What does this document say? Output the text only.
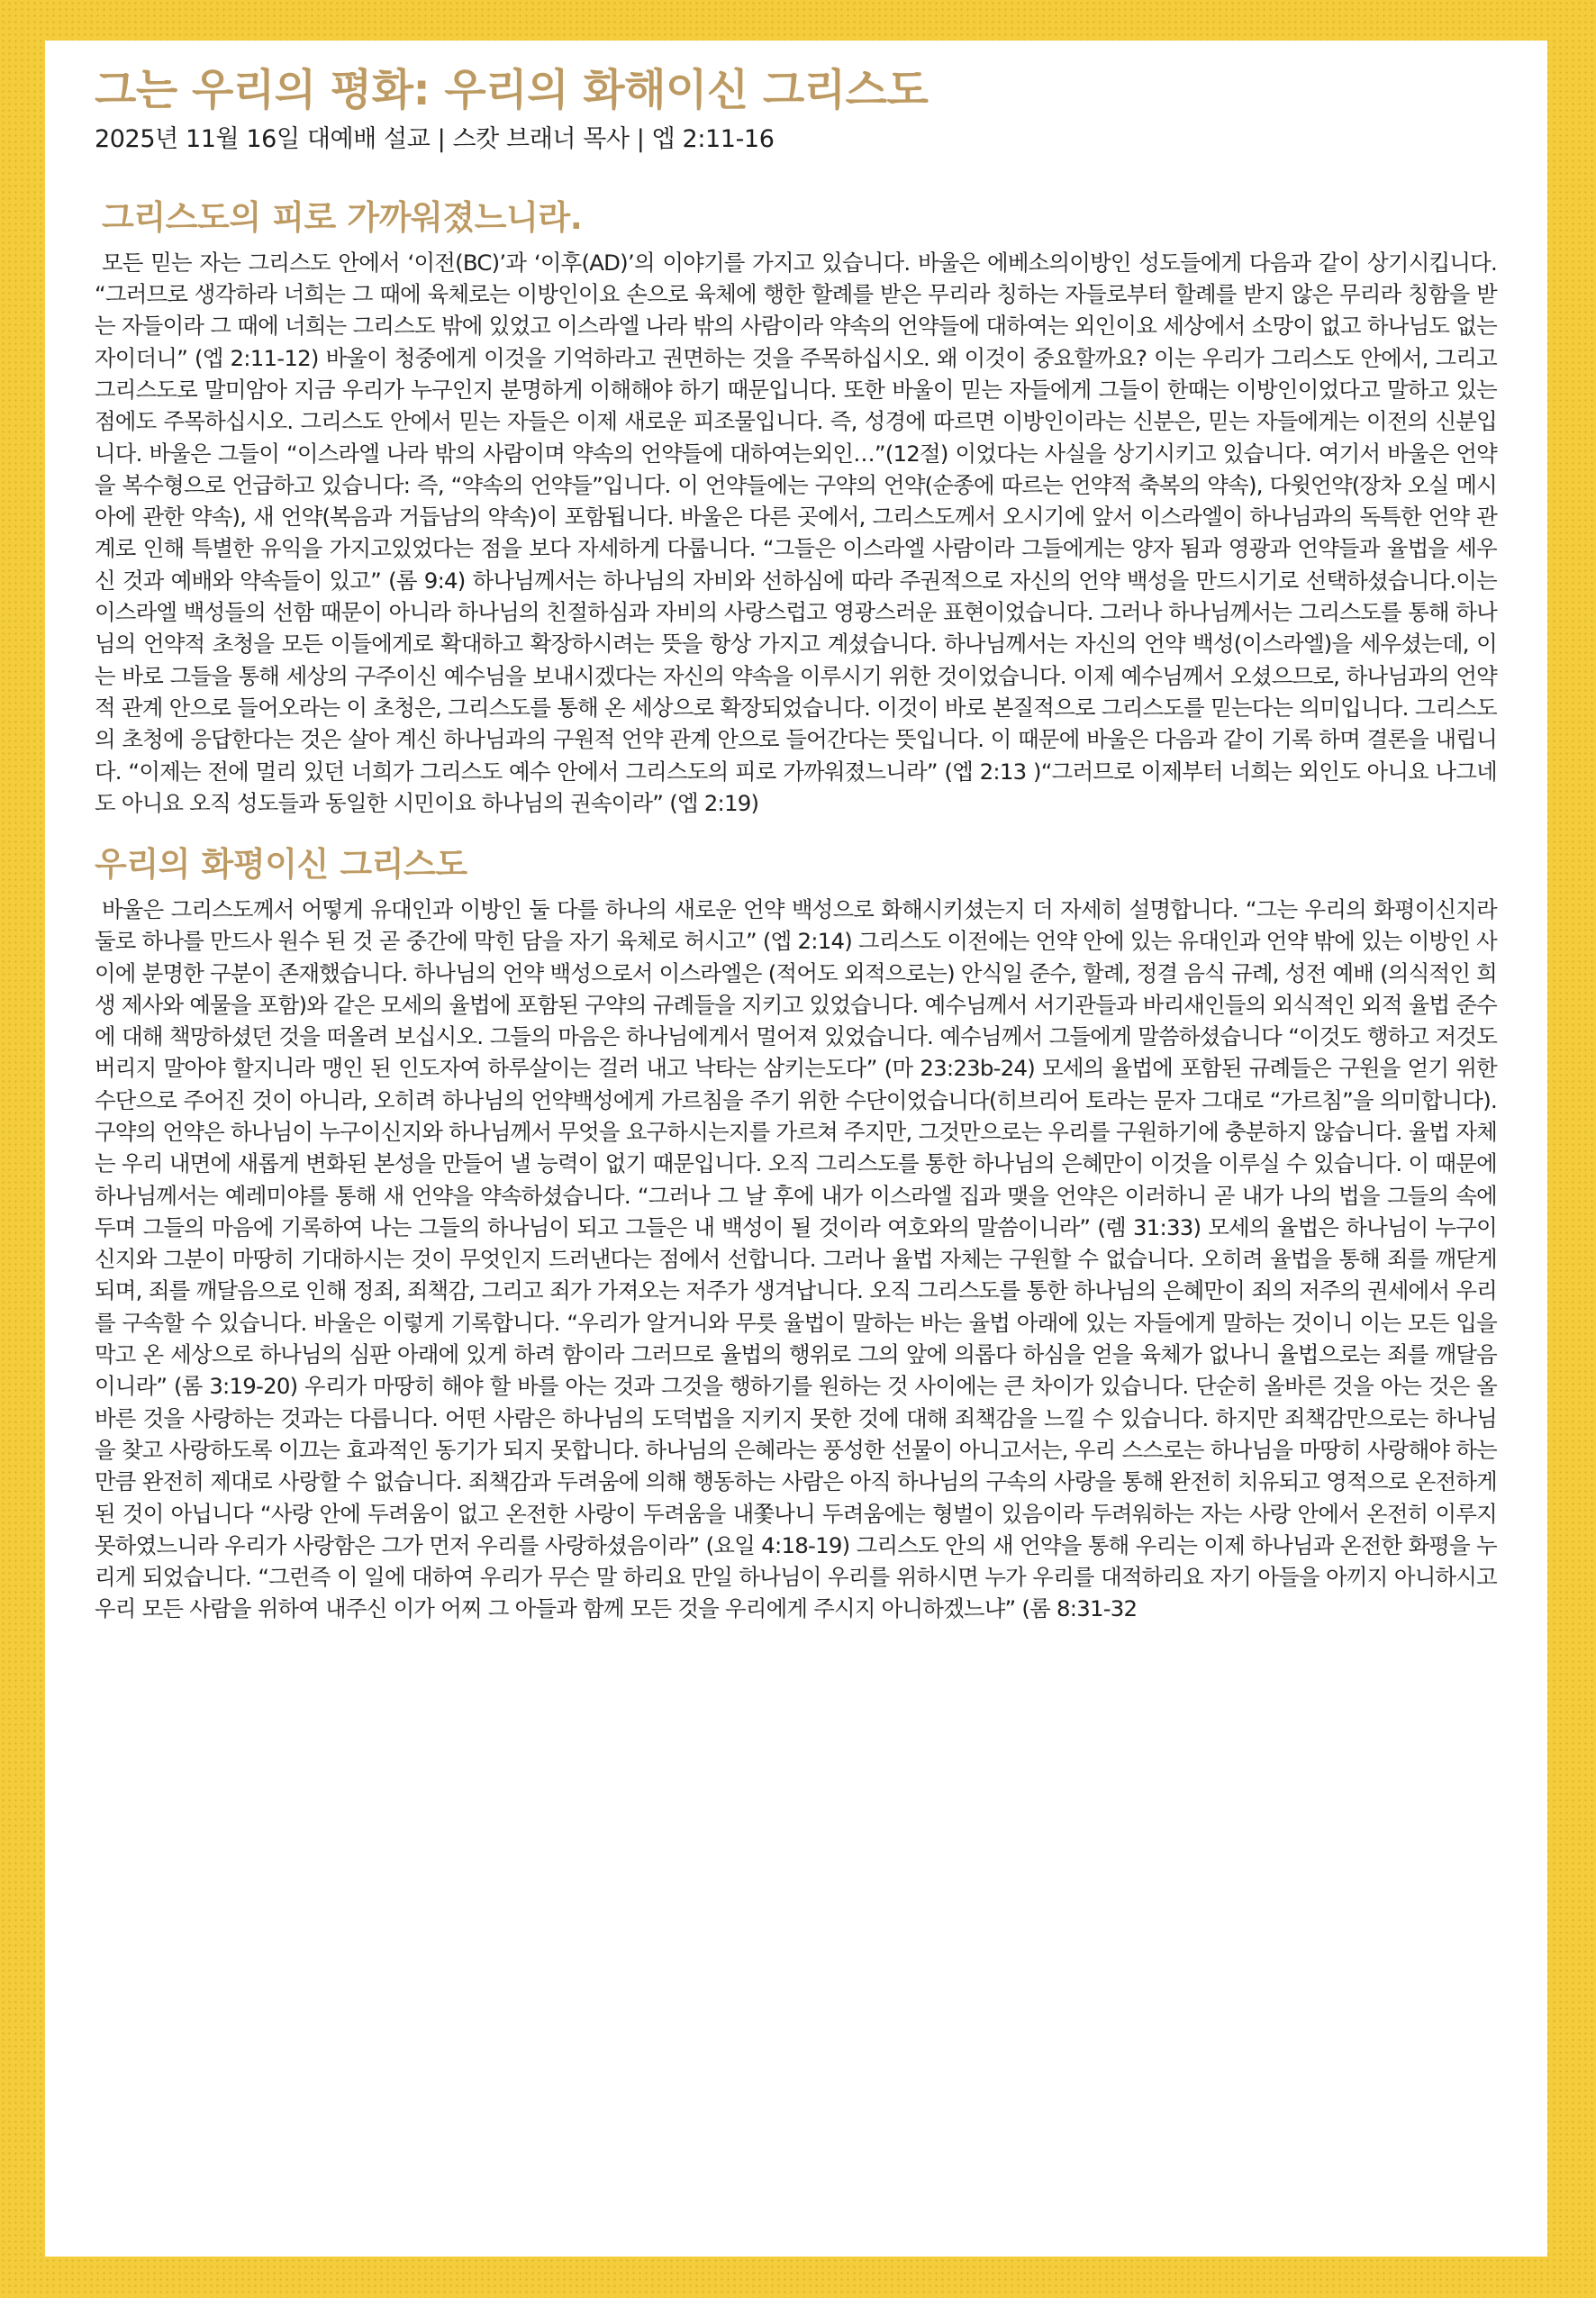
그는 우리의 평화: 우리의 화해이신 그리스도

2025년 11월 16일 대예배 설교 | 스캇 브래너 목사 | 엡 2:11-16

그리스도의 피로 가까워졌느니라.

모든 믿는 자는 그리스도 안에서 ‘이전(BC)’과 ‘이후(AD)’의 이야기를 가지고 있습니다. 바울은 에베소의이방인 성도들에게 다음과 같이 상기시킵니다. “그러므로 생각하라 너희는 그 때에 육체로는 이방인이요 손으로 육체에 행한 할례를 받은 무리라 칭하는 자들로부터 할례를 받지 않은 무리라 칭함을 받는 자들이라 그 때에 너희는 그리스도 밖에 있었고 이스라엘 나라 밖의 사람이라 약속의 언약들에 대하여는 외인이요 세상에서 소망이 없고 하나님도 없는 자이더니” (엡 2:11-12) 바울이 청중에게 이것을 기억하라고 권면하는 것을 주목하십시오. 왜 이것이 중요할까요? 이는 우리가 그리스도 안에서, 그리고 그리스도로 말미암아 지금 우리가 누구인지 분명하게 이해해야 하기 때문입니다. 또한 바울이 믿는 자들에게 그들이 한때는 이방인이었다고 말하고 있는 점에도 주목하십시오. 그리스도 안에서 믿는 자들은 이제 새로운 피조물입니다. 즉, 성경에 따르면 이방인이라는 신분은, 믿는 자들에게는 이전의 신분입니다. 바울은 그들이 “이스라엘 나라 밖의 사람이며 약속의 언약들에 대하여는외인…”(12절) 이었다는 사실을 상기시키고 있습니다. 여기서 바울은 언약을 복수형으로 언급하고 있습니다: 즉, “약속의 언약들”입니다. 이 언약들에는 구약의 언약(순종에 따르는 언약적 축복의 약속), 다윗언약(장차 오실 메시아에 관한 약속), 새 언약(복음과 거듭남의 약속)이 포함됩니다. 바울은 다른 곳에서, 그리스도께서 오시기에 앞서 이스라엘이 하나님과의 독특한 언약 관계로 인해 특별한 유익을 가지고있었다는 점을 보다 자세하게 다룹니다. “그들은 이스라엘 사람이라 그들에게는 양자 됨과 영광과 언약들과 율법을 세우신 것과 예배와 약속들이 있고” (롬 9:4) 하나님께서는 하나님의 자비와 선하심에 따라 주권적으로 자신의 언약 백성을 만드시기로 선택하셨습니다.이는 이스라엘 백성들의 선함 때문이 아니라 하나님의 친절하심과 자비의 사랑스럽고 영광스러운 표현이었습니다. 그러나 하나님께서는 그리스도를 통해 하나님의 언약적 초청을 모든 이들에게로 확대하고 확장하시려는 뜻을 항상 가지고 계셨습니다. 하나님께서는 자신의 언약 백성(이스라엘)을 세우셨는데, 이는 바로 그들을 통해 세상의 구주이신 예수님을 보내시겠다는 자신의 약속을 이루시기 위한 것이었습니다. 이제 예수님께서 오셨으므로, 하나님과의 언약적 관계 안으로 들어오라는 이 초청은, 그리스도를 통해 온 세상으로 확장되었습니다. 이것이 바로 본질적으로 그리스도를 믿는다는 의미입니다. 그리스도의 초청에 응답한다는 것은 살아 계신 하나님과의 구원적 언약 관계 안으로 들어간다는 뜻입니다. 이 때문에 바울은 다음과 같이 기록 하며 결론을 내립니다. “이제는 전에 멀리 있던 너희가 그리스도 예수 안에서 그리스도의 피로 가까워졌느니라” (엡 2:13 )“그러므로 이제부터 너희는 외인도 아니요 나그네도 아니요 오직 성도들과 동일한 시민이요 하나님의 권속이라” (엡 2:19)

우리의 화평이신 그리스도

바울은 그리스도께서 어떻게 유대인과 이방인 둘 다를 하나의 새로운 언약 백성으로 화해시키셨는지 더 자세히 설명합니다. “그는 우리의 화평이신지라 둘로 하나를 만드사 원수 된 것 곧 중간에 막힌 담을 자기 육체로 허시고” (엡 2:14) 그리스도 이전에는 언약 안에 있는 유대인과 언약 밖에 있는 이방인 사이에 분명한 구분이 존재했습니다. 하나님의 언약 백성으로서 이스라엘은 (적어도 외적으로는) 안식일 준수, 할례, 정결 음식 규례, 성전 예배 (의식적인 희생 제사와 예물을 포함)와 같은 모세의 율법에 포함된 구약의 규례들을 지키고 있었습니다. 예수님께서 서기관들과 바리새인들의 외식적인 외적 율법 준수에 대해 책망하셨던 것을 떠올려 보십시오. 그들의 마음은 하나님에게서 멀어져 있었습니다. 예수님께서 그들에게 말씀하셨습니다 “이것도 행하고 저것도 버리지 말아야 할지니라 맹인 된 인도자여 하루살이는 걸러 내고 낙타는 삼키는도다” (마 23:23b-24) 모세의 율법에 포함된 규례들은 구원을 얻기 위한 수단으로 주어진 것이 아니라, 오히려 하나님의 언약백성에게 가르침을 주기 위한 수단이었습니다(히브리어 토라는 문자 그대로 “가르침”을 의미합니다). 구약의 언약은 하나님이 누구이신지와 하나님께서 무엇을 요구하시는지를 가르쳐 주지만, 그것만으로는 우리를 구원하기에 충분하지 않습니다. 율법 자체는 우리 내면에 새롭게 변화된 본성을 만들어 낼 능력이 없기 때문입니다. 오직 그리스도를 통한 하나님의 은혜만이 이것을 이루실 수 있습니다. 이 때문에 하나님께서는 예레미야를 통해 새 언약을 약속하셨습니다. “그러나 그 날 후에 내가 이스라엘 집과 맺을 언약은 이러하니 곧 내가 나의 법을 그들의 속에 두며 그들의 마음에 기록하여 나는 그들의 하나님이 되고 그들은 내 백성이 될 것이라 여호와의 말씀이니라” (렘 31:33) 모세의 율법은 하나님이 누구이신지와 그분이 마땅히 기대하시는 것이 무엇인지 드러낸다는 점에서 선합니다. 그러나 율법 자체는 구원할 수 없습니다. 오히려 율법을 통해 죄를 깨닫게 되며, 죄를 깨달음으로 인해 정죄, 죄책감, 그리고 죄가 가져오는 저주가 생겨납니다. 오직 그리스도를 통한 하나님의 은혜만이 죄의 저주의 권세에서 우리를 구속할 수 있습니다. 바울은 이렇게 기록합니다. “우리가 알거니와 무릇 율법이 말하는 바는 율법 아래에 있는 자들에게 말하는 것이니 이는 모든 입을 막고 온 세상으로 하나님의 심판 아래에 있게 하려 함이라 그러므로 율법의 행위로 그의 앞에 의롭다 하심을 얻을 육체가 없나니 율법으로는 죄를 깨달음이니라” (롬 3:19-20) 우리가 마땅히 해야 할 바를 아는 것과 그것을 행하기를 원하는 것 사이에는 큰 차이가 있습니다. 단순히 올바른 것을 아는 것은 올바른 것을 사랑하는 것과는 다릅니다. 어떤 사람은 하나님의 도덕법을 지키지 못한 것에 대해 죄책감을 느낄 수 있습니다. 하지만 죄책감만으로는 하나님을 찾고 사랑하도록 이끄는 효과적인 동기가 되지 못합니다. 하나님의 은혜라는 풍성한 선물이 아니고서는, 우리 스스로는 하나님을 마땅히 사랑해야 하는 만큼 완전히 제대로 사랑할 수 없습니다. 죄책감과 두려움에 의해 행동하는 사람은 아직 하나님의 구속의 사랑을 통해 완전히 치유되고 영적으로 온전하게 된 것이 아닙니다 “사랑 안에 두려움이 없고 온전한 사랑이 두려움을 내쫓나니 두려움에는 형벌이 있음이라 두려워하는 자는 사랑 안에서 온전히 이루지 못하였느니라 우리가 사랑함은 그가 먼저 우리를 사랑하셨음이라” (요일 4:18-19) 그리스도 안의 새 언약을 통해 우리는 이제 하나님과 온전한 화평을 누리게 되었습니다. “그런즉 이 일에 대하여 우리가 무슨 말 하리요 만일 하나님이 우리를 위하시면 누가 우리를 대적하리요 자기 아들을 아끼지 아니하시고 우리 모든 사람을 위하여 내주신 이가 어찌 그 아들과 함께 모든 것을 우리에게 주시지 아니하겠느냐” (롬 8:31-32
